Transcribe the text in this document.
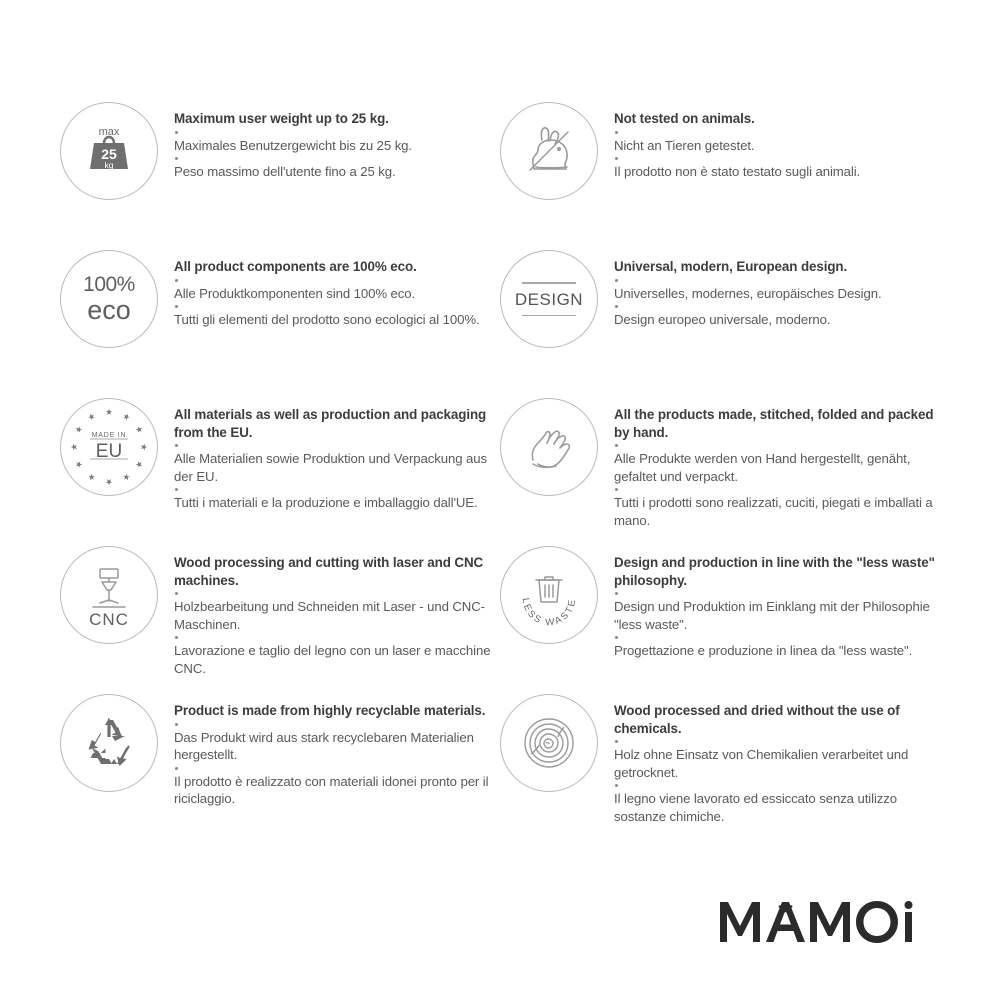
max
25
kg

Maximum user weight up to 25 kg.

Maximales Benutzergewicht bis zu 25 kg.

Peso massimo dell'utente fino a 25 kg.

Not tested on animals.

Nicht an Tieren getestet.

Il prodotto non è stato testato sugli animali.

100%
eco

All product components are 100% eco.

Alle Produktkomponenten sind 100% eco.

Tutti gli elementi del prodotto sono ecologici al 100%.

DESIGN

Universal, modern, European design.

Universelles, modernes, europäisches Design.

Design europeo universale, moderno.

MADE IN
EU

All materials as well as production and packaging from the EU.

Alle Materialien sowie Produktion und Verpackung aus der EU.

Tutti i materiali e la produzione e imballaggio dall'UE.

All the products made, stitched, folded and packed by hand.

Alle Produkte werden von Hand hergestellt, genäht, gefaltet und verpackt.

Tutti i prodotti sono realizzati, cuciti, piegati e imballati a mano.

CNC

Wood processing and cutting with laser and CNC machines.

Holzbearbeitung und Schneiden mit Laser - und CNC-Maschinen.

Lavorazione e taglio del legno con un laser e macchine CNC.

LESS WASTE

Design and production in line with the "less waste" philosophy.

Design und Produktion im Einklang mit der Philosophie "less waste".

Progettazione e produzione in linea da "less waste".

Product is made from highly recyclable materials.

Das Produkt wird aus stark recyclebaren Materialien hergestellt.

Il prodotto è realizzato con materiali idonei pronto per il riciclaggio.

Wood processed and dried without the use of chemicals.

Holz ohne Einsatz von Chemikalien verarbeitet und getrocknet.

Il legno viene lavorato ed essiccato senza utilizzo sostanze chimiche.
